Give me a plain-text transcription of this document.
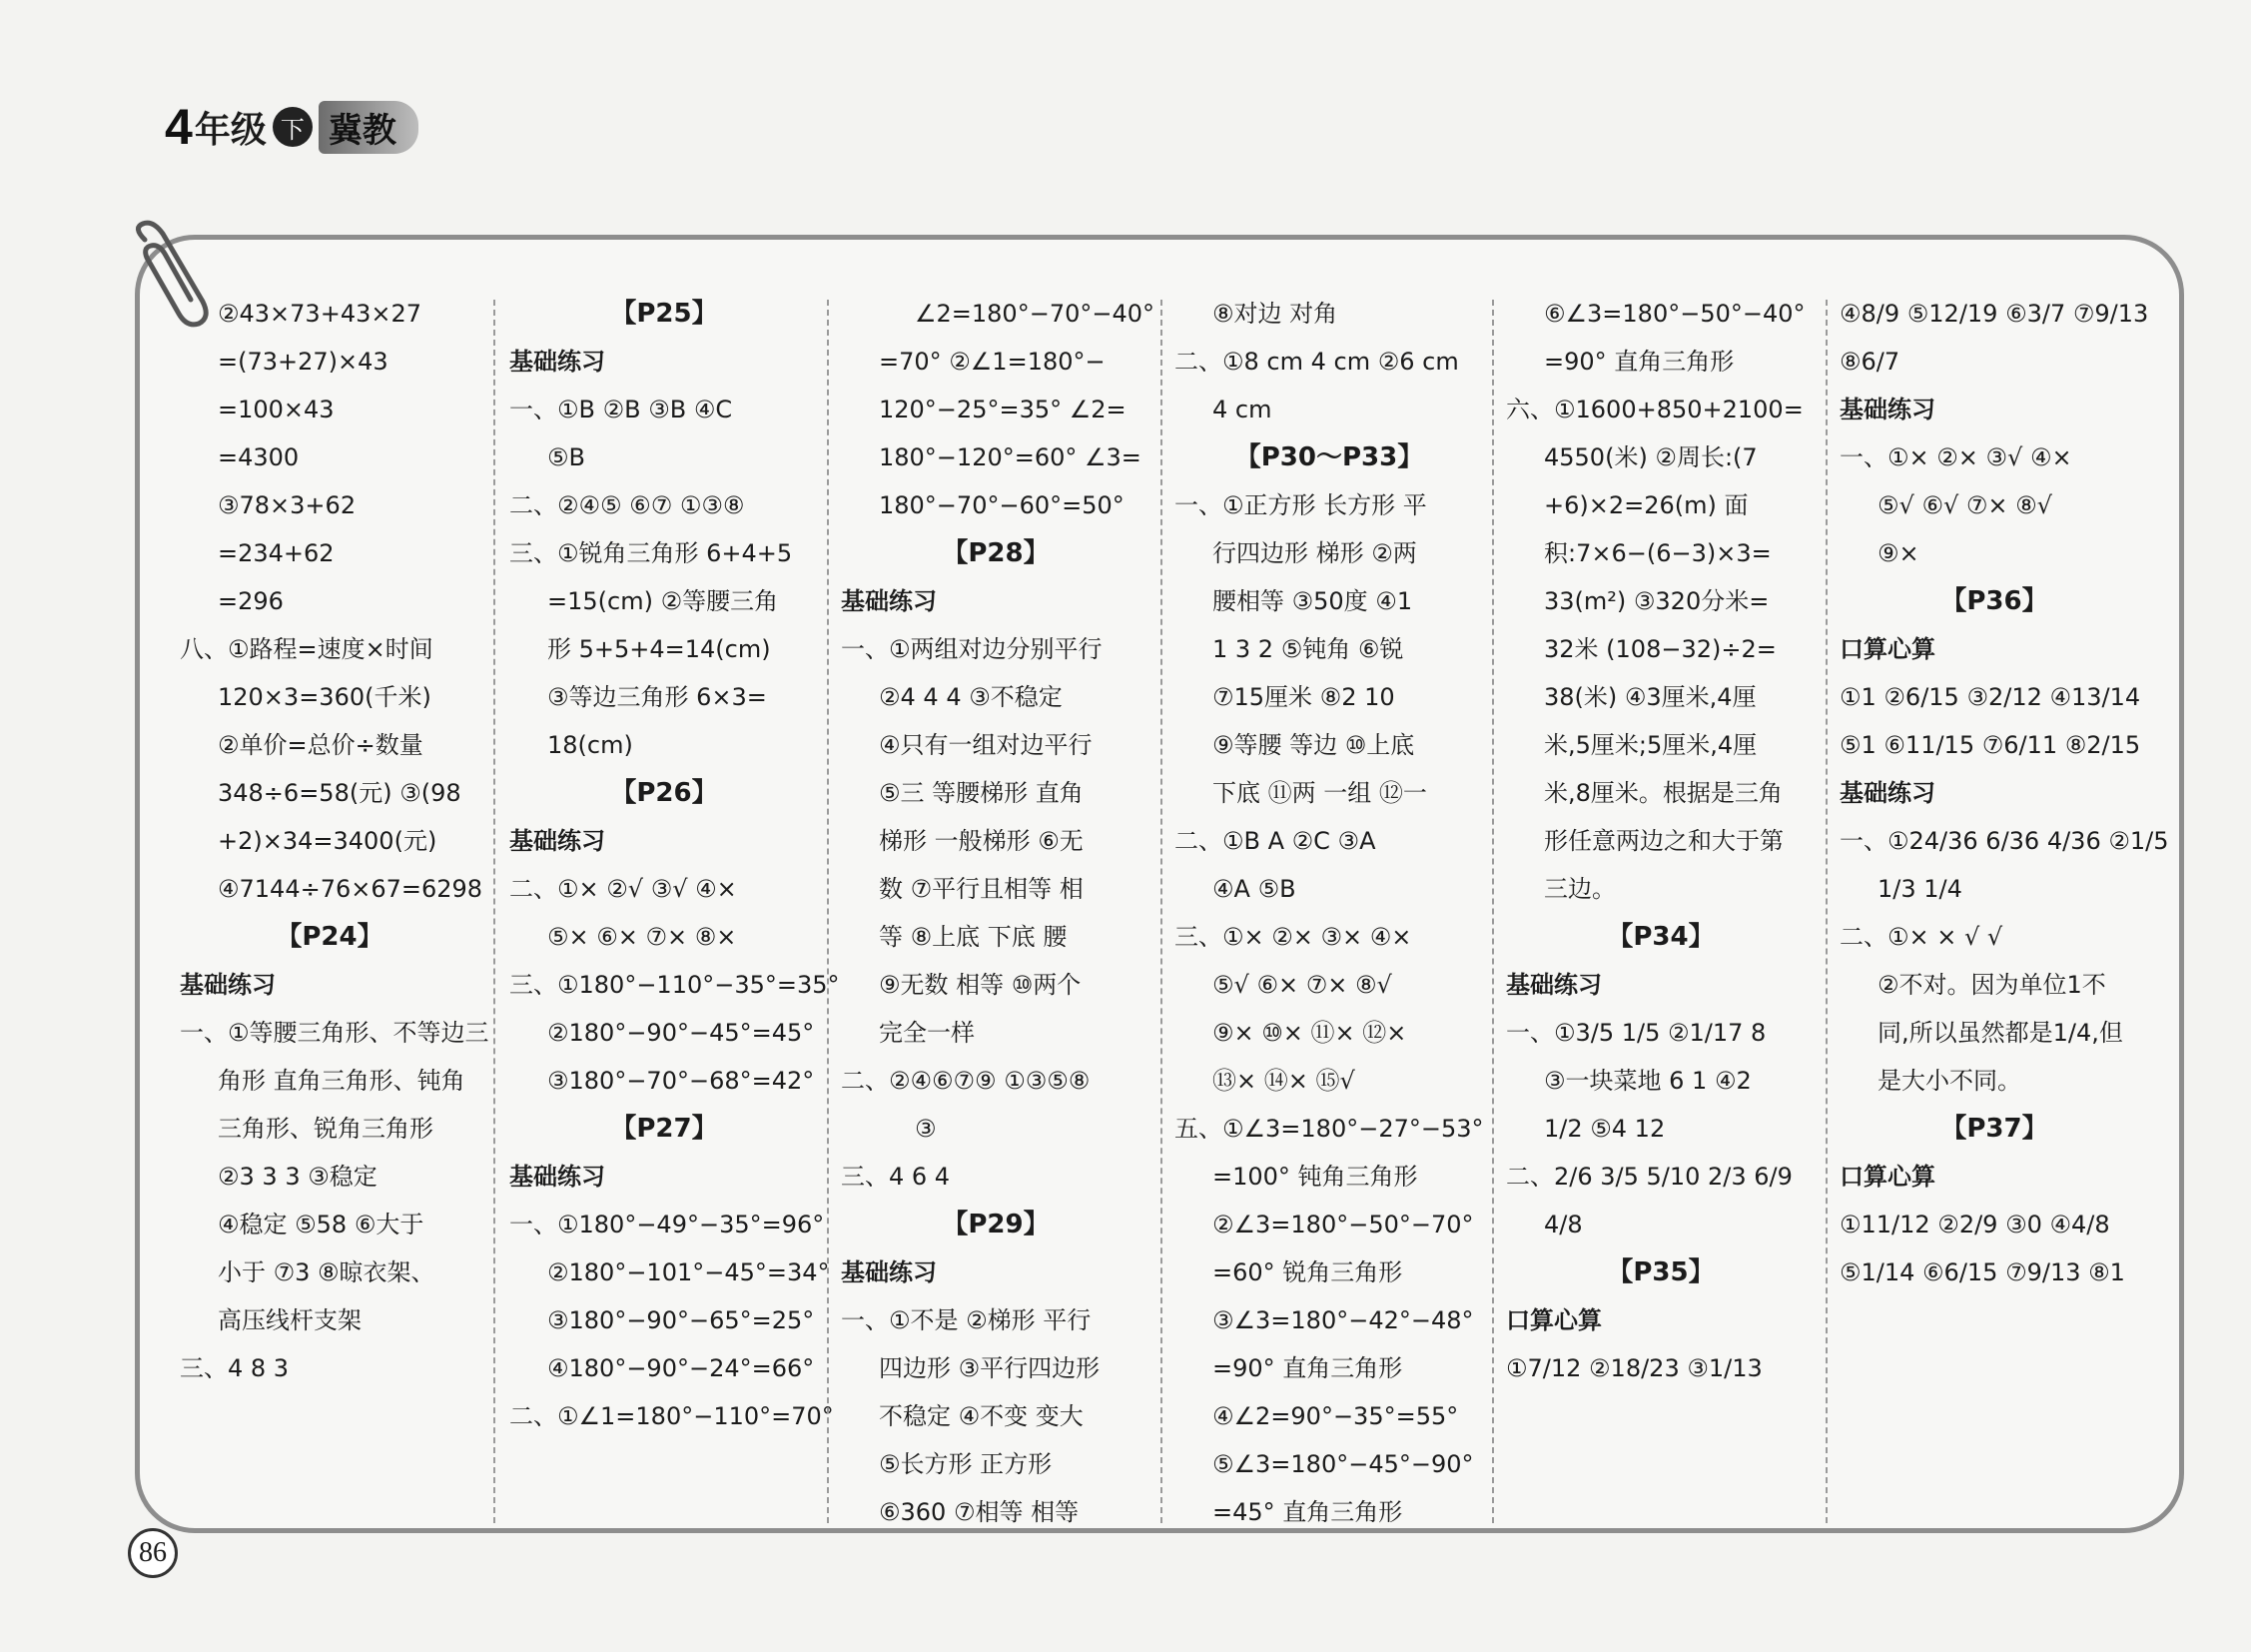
4 年级 下 冀教
②43×73+43×27
=(73+27)×43
=100×43
=4300
③78×3+62
=234+62
=296
八、①路程=速度×时间
120×3=360(千米)
②单价=总价÷数量
348÷6=58(元) ③(98
+2)×34=3400(元)
④7144÷76×67=6298
【P24】
基础练习
一、①等腰三角形、不等边三
角形 直角三角形、钝角
三角形、锐角三角形
②3 3 3 ③稳定
④稳定 ⑤58 ⑥大于
小于 ⑦3 ⑧晾衣架、
高压线杆支架
三、4 8 3
【P25】
基础练习
一、①B ②B ③B ④C
⑤B
二、②④⑤ ⑥⑦ ①③⑧
三、①锐角三角形 6+4+5
=15(cm) ②等腰三角
形 5+5+4=14(cm)
③等边三角形 6×3=
18(cm)
【P26】
基础练习
二、①× ②√ ③√ ④×
⑤× ⑥× ⑦× ⑧×
三、①180°−110°−35°=35°
②180°−90°−45°=45°
③180°−70°−68°=42°
【P27】
基础练习
一、①180°−49°−35°=96°
②180°−101°−45°=34°
③180°−90°−65°=25°
④180°−90°−24°=66°
二、①∠1=180°−110°=70°
∠2=180°−70°−40°
=70° ②∠1=180°−
120°−25°=35° ∠2=
180°−120°=60° ∠3=
180°−70°−60°=50°
【P28】
基础练习
一、①两组对边分别平行
②4 4 4 ③不稳定
④只有一组对边平行
⑤三 等腰梯形 直角
梯形 一般梯形 ⑥无
数 ⑦平行且相等 相
等 ⑧上底 下底 腰
⑨无数 相等 ⑩两个
完全一样
二、②④⑥⑦⑨ ①③⑤⑧
③
三、4 6 4
【P29】
基础练习
一、①不是 ②梯形 平行
四边形 ③平行四边形
不稳定 ④不变 变大
⑤长方形 正方形
⑥360 ⑦相等 相等
⑧对边 对角
二、①8 cm 4 cm ②6 cm
4 cm
【P30～P33】
一、①正方形 长方形 平
行四边形 梯形 ②两
腰相等 ③50度 ④1
1 3 2 ⑤钝角 ⑥锐
⑦15厘米 ⑧2 10
⑨等腰 等边 ⑩上底
下底 ⑪两 一组 ⑫一
二、①B A ②C ③A
④A ⑤B
三、①× ②× ③× ④×
⑤√ ⑥× ⑦× ⑧√
⑨× ⑩× ⑪× ⑫×
⑬× ⑭× ⑮√
五、①∠3=180°−27°−53°
=100° 钝角三角形
②∠3=180°−50°−70°
=60° 锐角三角形
③∠3=180°−42°−48°
=90° 直角三角形
④∠2=90°−35°=55°
⑤∠3=180°−45°−90°
=45° 直角三角形
⑥∠3=180°−50°−40°
=90° 直角三角形
六、①1600+850+2100=
4550(米) ②周长:(7
+6)×2=26(m) 面
积:7×6−(6−3)×3=
33(m²) ③320分米=
32米 (108−32)÷2=
38(米) ④3厘米,4厘
米,5厘米;5厘米,4厘
米,8厘米。根据是三角
形任意两边之和大于第
三边。
【P34】
基础练习
一、①3/5 1/5 ②1/17 8
③一块菜地 6 1 ④2
1/2 ⑤4 12
二、2/6 3/5 5/10 2/3 6/9
4/8
【P35】
口算心算
①7/12 ②18/23 ③1/13
④8/9 ⑤12/19 ⑥3/7 ⑦9/13
⑧6/7
基础练习
一、①× ②× ③√ ④×
⑤√ ⑥√ ⑦× ⑧√
⑨×
【P36】
口算心算
①1 ②6/15 ③2/12 ④13/14
⑤1 ⑥11/15 ⑦6/11 ⑧2/15
基础练习
一、①24/36 6/36 4/36 ②1/5
1/3 1/4
二、①× × √ √
②不对。因为单位1不
同,所以虽然都是1/4,但
是大小不同。
【P37】
口算心算
①11/12 ②2/9 ③0 ④4/8
⑤1/14 ⑥6/15 ⑦9/13 ⑧1
86
